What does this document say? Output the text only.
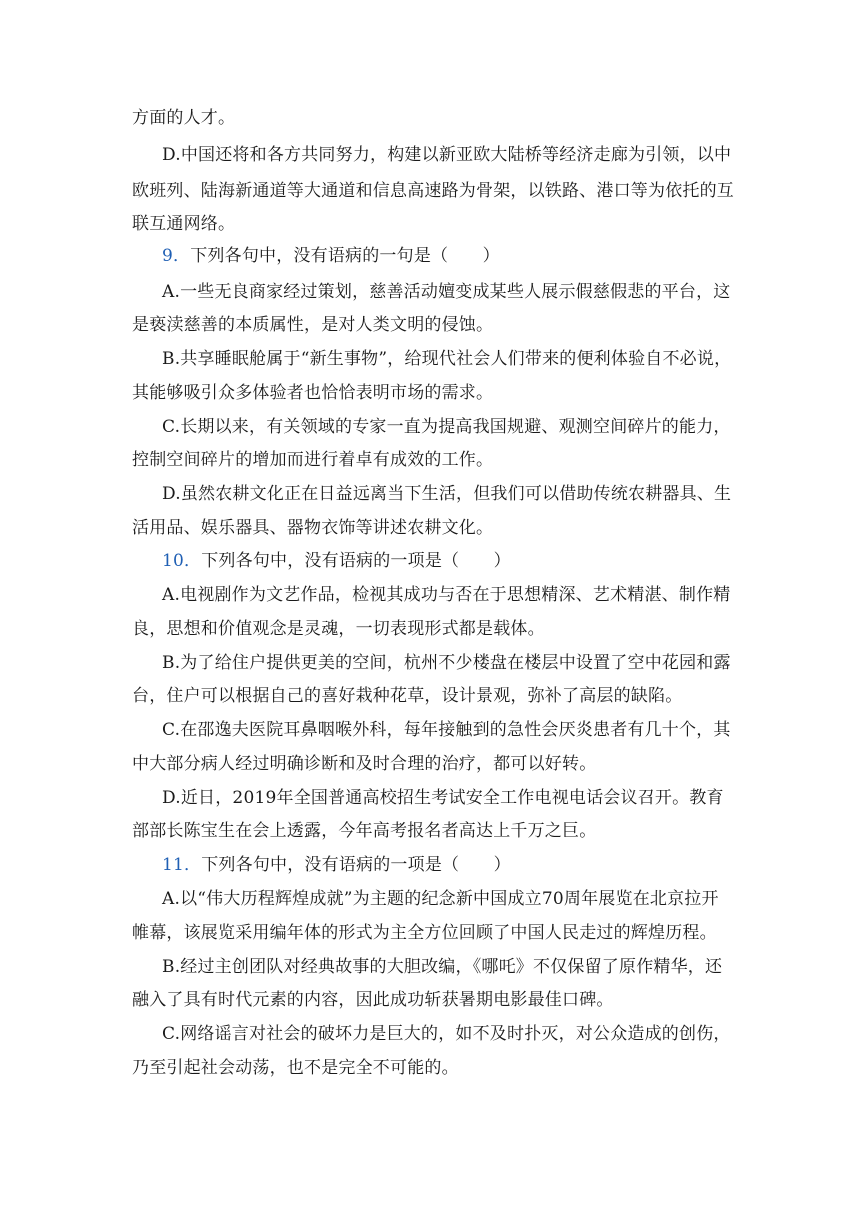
方面的人才。
D.中国还将和各方共同努力，构建以新亚欧大陆桥等经济走廊为引领，以中
欧班列、陆海新通道等大通道和信息高速路为骨架，以铁路、港口等为依托的互
联互通网络。
9．下列各句中，没有语病的一句是（　　）
A.一些无良商家经过策划，慈善活动嬗变成某些人展示假慈假悲的平台，这
是亵渎慈善的本质属性，是对人类文明的侵蚀。
B.共享睡眠舱属于“新生事物”，给现代社会人们带来的便利体验自不必说，
其能够吸引众多体验者也恰恰表明市场的需求。
C.长期以来，有关领域的专家一直为提高我国规避、观测空间碎片的能力，
控制空间碎片的增加而进行着卓有成效的工作。
D.虽然农耕文化正在日益远离当下生活，但我们可以借助传统农耕器具、生
活用品、娱乐器具、器物衣饰等讲述农耕文化。
10．下列各句中，没有语病的一项是（　　）
A.电视剧作为文艺作品，检视其成功与否在于思想精深、艺术精湛、制作精
良，思想和价值观念是灵魂，一切表现形式都是载体。
B.为了给住户提供更美的空间，杭州不少楼盘在楼层中设置了空中花园和露
台，住户可以根据自己的喜好栽种花草，设计景观，弥补了高层的缺陷。
C.在邵逸夫医院耳鼻咽喉外科，每年接触到的急性会厌炎患者有几十个，其
中大部分病人经过明确诊断和及时合理的治疗，都可以好转。
D.近日，2019年全国普通高校招生考试安全工作电视电话会议召开。教育
部部长陈宝生在会上透露，今年高考报名者高达上千万之巨。
11．下列各句中，没有语病的一项是（　　）
A.以“伟大历程辉煌成就”为主题的纪念新中国成立70周年展览在北京拉开
帷幕，该展览采用编年体的形式为主全方位回顾了中国人民走过的辉煌历程。
B.经过主创团队对经典故事的大胆改编，《哪吒》不仅保留了原作精华，还
融入了具有时代元素的内容，因此成功斩获暑期电影最佳口碑。
C.网络谣言对社会的破坏力是巨大的，如不及时扑灭，对公众造成的创伤，
乃至引起社会动荡，也不是完全不可能的。
